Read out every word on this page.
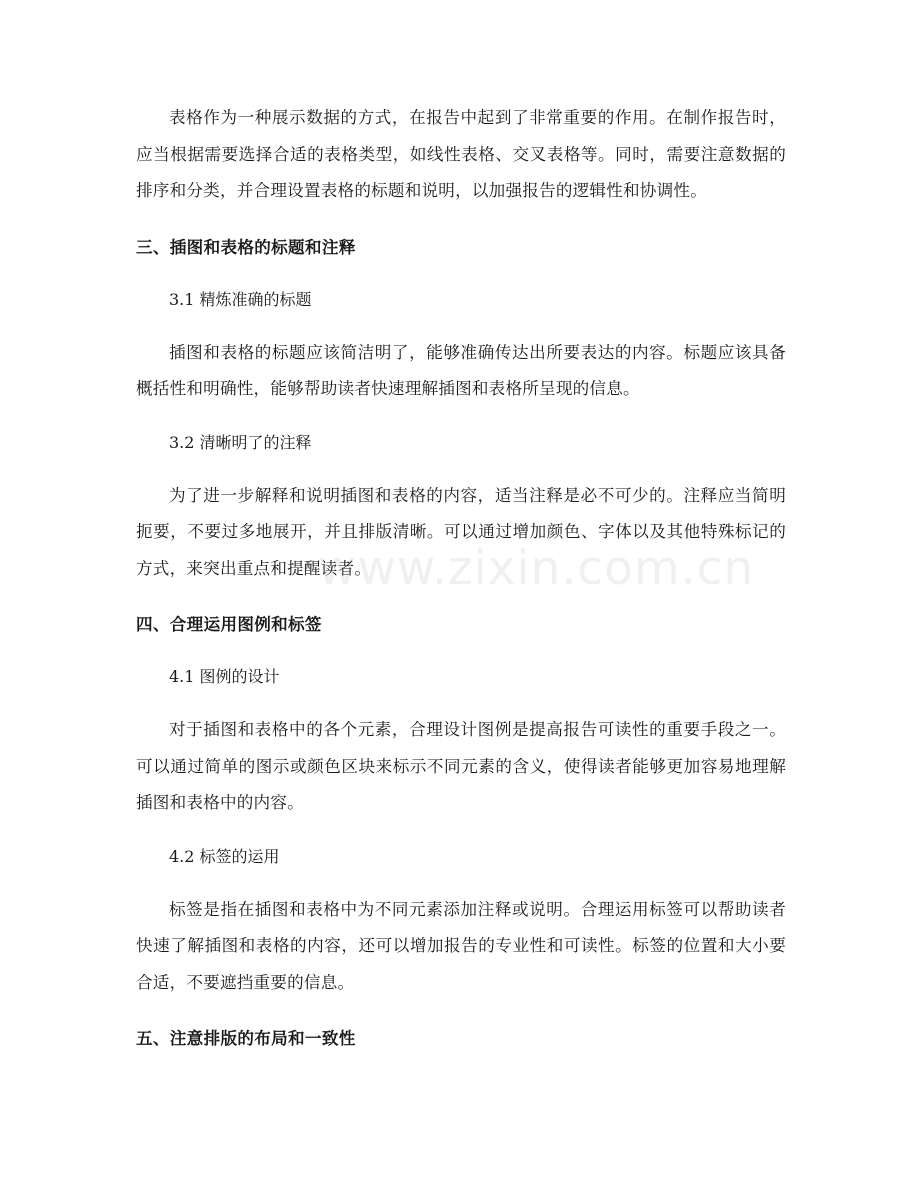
表格作为一种展示数据的方式，在报告中起到了非常重要的作用。在制作报告时，应当根据需要选择合适的表格类型，如线性表格、交叉表格等。同时，需要注意数据的排序和分类，并合理设置表格的标题和说明，以加强报告的逻辑性和协调性。

三、插图和表格的标题和注释

3.1 精炼准确的标题

插图和表格的标题应该简洁明了，能够准确传达出所要表达的内容。标题应该具备概括性和明确性，能够帮助读者快速理解插图和表格所呈现的信息。

3.2 清晰明了的注释

为了进一步解释和说明插图和表格的内容，适当注释是必不可少的。注释应当简明扼要，不要过多地展开，并且排版清晰。可以通过增加颜色、字体以及其他特殊标记的方式，来突出重点和提醒读者。

四、合理运用图例和标签

4.1 图例的设计

对于插图和表格中的各个元素，合理设计图例是提高报告可读性的重要手段之一。可以通过简单的图示或颜色区块来标示不同元素的含义，使得读者能够更加容易地理解插图和表格中的内容。

4.2 标签的运用

标签是指在插图和表格中为不同元素添加注释或说明。合理运用标签可以帮助读者快速了解插图和表格的内容，还可以增加报告的专业性和可读性。标签的位置和大小要合适，不要遮挡重要的信息。

五、注意排版的布局和一致性
www.zixin.com.cn
